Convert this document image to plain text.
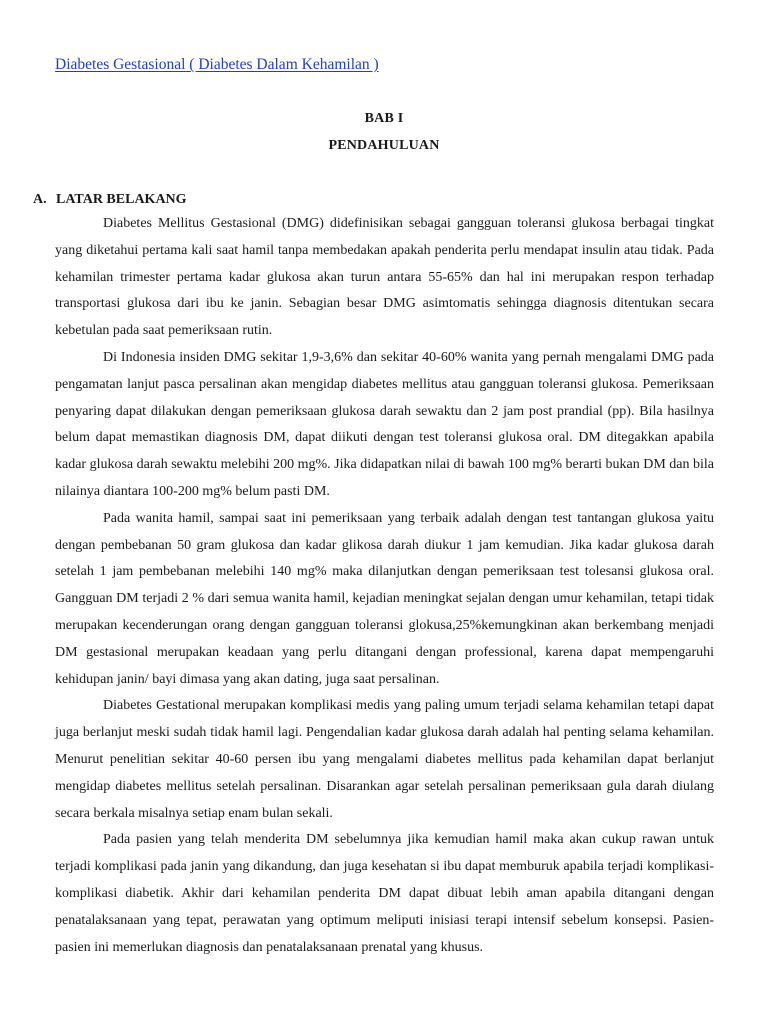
Diabetes Gestasional ( Diabetes Dalam Kehamilan )
BAB I
PENDAHULUAN
A. LATAR BELAKANG

Diabetes Mellitus Gestasional (DMG) didefinisikan sebagai gangguan toleransi glukosa berbagai tingkat yang diketahui pertama kali saat hamil tanpa membedakan apakah penderita perlu mendapat insulin atau tidak. Pada kehamilan trimester pertama kadar glukosa akan turun antara 55-65% dan hal ini merupakan respon terhadap transportasi glukosa dari ibu ke janin. Sebagian besar DMG asimtomatis sehingga diagnosis ditentukan secara kebetulan pada saat pemeriksaan rutin.

Di Indonesia insiden DMG sekitar 1,9-3,6% dan sekitar 40-60% wanita yang pernah mengalami DMG pada pengamatan lanjut pasca persalinan akan mengidap diabetes mellitus atau gangguan toleransi glukosa. Pemeriksaan penyaring dapat dilakukan dengan pemeriksaan glukosa darah sewaktu dan 2 jam post prandial (pp). Bila hasilnya belum dapat memastikan diagnosis DM, dapat diikuti dengan test toleransi glukosa oral. DM ditegakkan apabila kadar glukosa darah sewaktu melebihi 200 mg%. Jika didapatkan nilai di bawah 100 mg% berarti bukan DM dan bila nilainya diantara 100-200 mg% belum pasti DM.

Pada wanita hamil, sampai saat ini pemeriksaan yang terbaik adalah dengan test tantangan glukosa yaitu dengan pembebanan 50 gram glukosa dan kadar glikosa darah diukur 1 jam kemudian. Jika kadar glukosa darah setelah 1 jam pembebanan melebihi 140 mg% maka dilanjutkan dengan pemeriksaan test tolesansi glukosa oral. Gangguan DM terjadi 2 % dari semua wanita hamil, kejadian meningkat sejalan dengan umur kehamilan, tetapi tidak merupakan kecenderungan orang dengan gangguan toleransi glokusa,25%kemungkinan akan berkembang menjadi DM gestasional merupakan keadaan yang perlu ditangani dengan professional, karena dapat mempengaruhi kehidupan janin/ bayi dimasa yang akan dating, juga saat persalinan.

Diabetes Gestational merupakan komplikasi medis yang paling umum terjadi selama kehamilan tetapi dapat juga berlanjut meski sudah tidak hamil lagi. Pengendalian kadar glukosa darah adalah hal penting selama kehamilan. Menurut penelitian sekitar 40-60 persen ibu yang mengalami diabetes mellitus pada kehamilan dapat berlanjut mengidap diabetes mellitus setelah persalinan. Disarankan agar setelah persalinan pemeriksaan gula darah diulang secara berkala misalnya setiap enam bulan sekali.

Pada pasien yang telah menderita DM sebelumnya jika kemudian hamil maka akan cukup rawan untuk terjadi komplikasi pada janin yang dikandung, dan juga kesehatan si ibu dapat memburuk apabila terjadi komplikasi-komplikasi diabetik. Akhir dari kehamilan penderita DM dapat dibuat lebih aman apabila ditangani dengan penatalaksanaan yang tepat, perawatan yang optimum meliputi inisiasi terapi intensif sebelum konsepsi. Pasien-pasien ini memerlukan diagnosis dan penatalaksanaan prenatal yang khusus.
